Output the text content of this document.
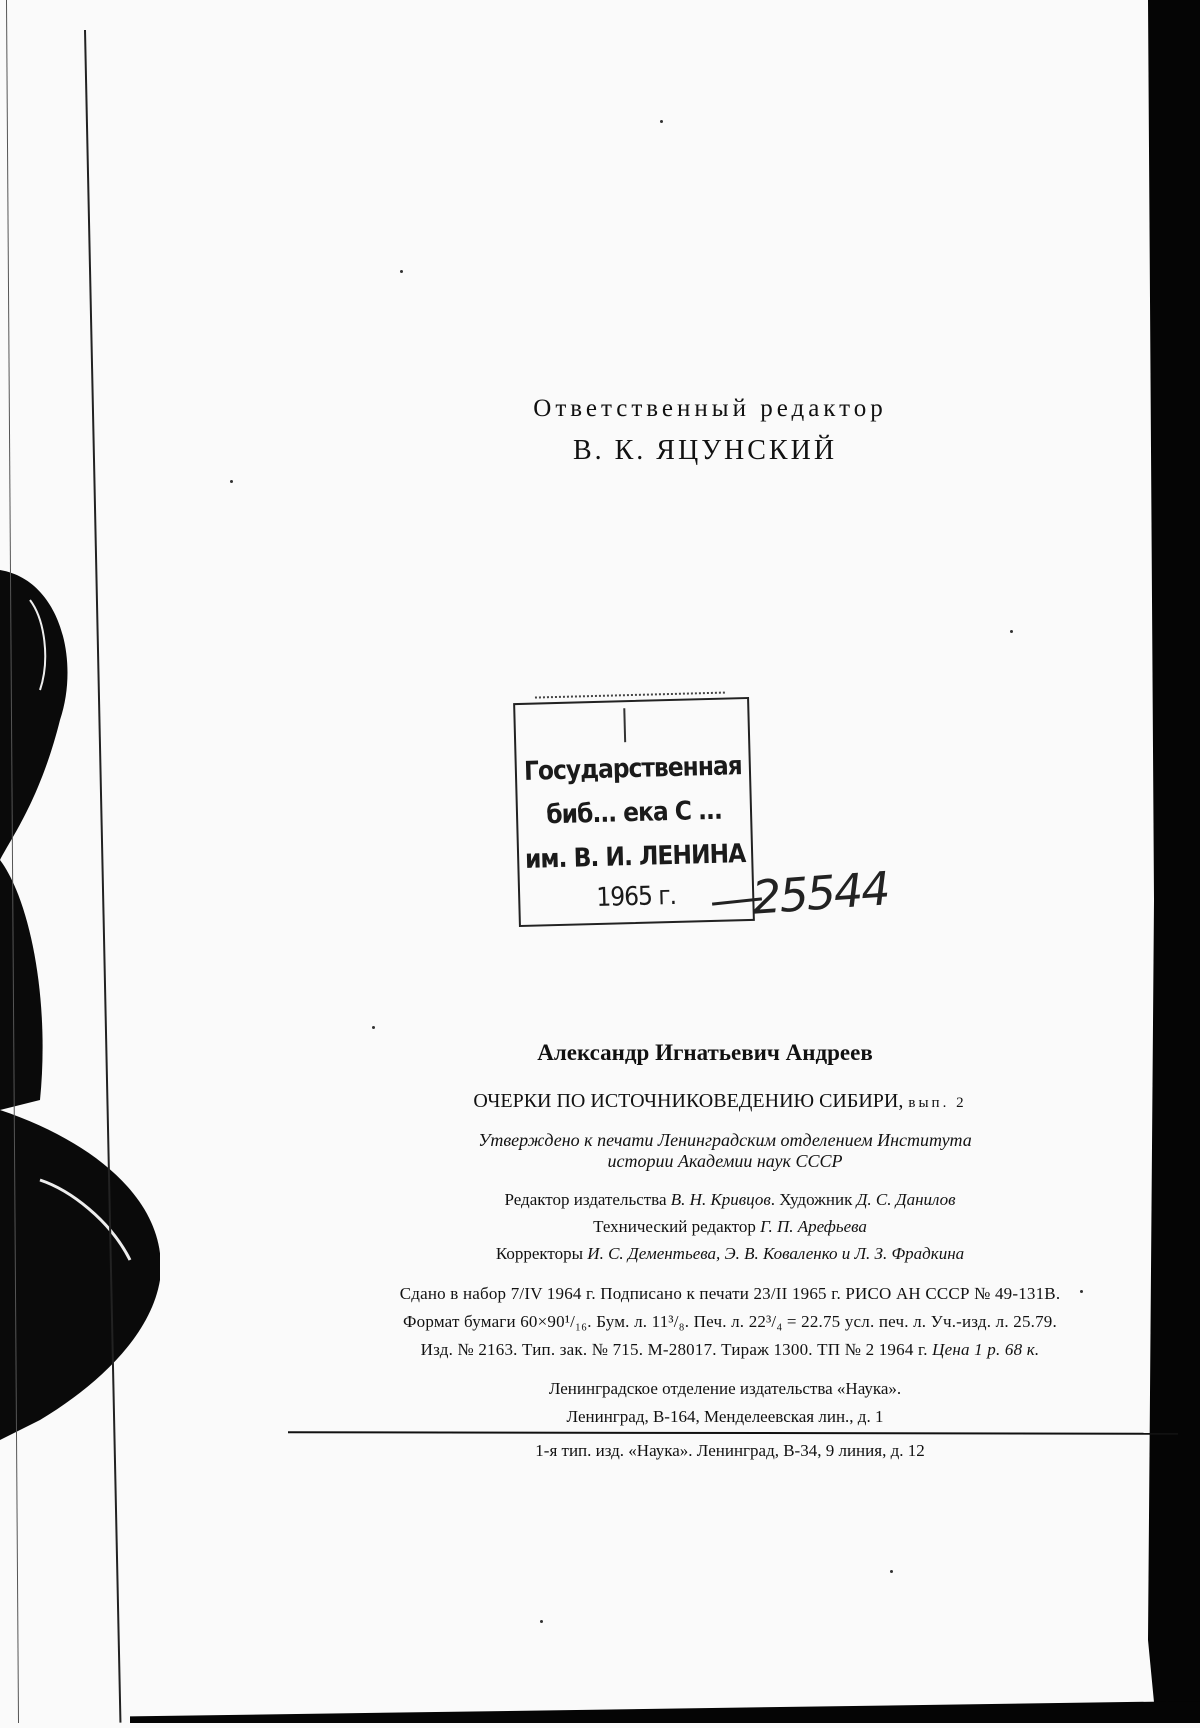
Ответственный редактор
В. К. ЯЦУНСКИЙ
Государственная
биб... ека С ...
им. В. И. ЛЕНИНА
1965 г.	25544
Александр Игнатьевич Андреев
ОЧЕРКИ ПО ИСТОЧНИКОВЕДЕНИЮ СИБИРИ, вып. 2
Утверждено к печати Ленинградским отделением Института
истории Академии наук СССР
Редактор издательства В. Н. Кривцов. Художник Д. С. Данилов
Технический редактор Г. П. Арефьева
Корректоры И. С. Дементьева, Э. В. Коваленко и Л. З. Фрадкина
Сдано в набор 7/IV 1964 г. Подписано к печати 23/II 1965 г. РИСО АН СССР № 49-131В.
Формат бумаги 60×90¹/₁₆. Бум. л. 11³/₈. Печ. л. 22³/₄ = 22.75 усл. печ. л. Уч.-изд. л. 25.79.
Изд. № 2163. Тип. зак. № 715. М-28017. Тираж 1300. ТП № 2 1964 г. Цена 1 р. 68 к.
Ленинградское отделение издательства «Наука».
Ленинград, В-164, Менделеевская лин., д. 1
1-я тип. изд. «Наука». Ленинград, В-34, 9 линия, д. 12
